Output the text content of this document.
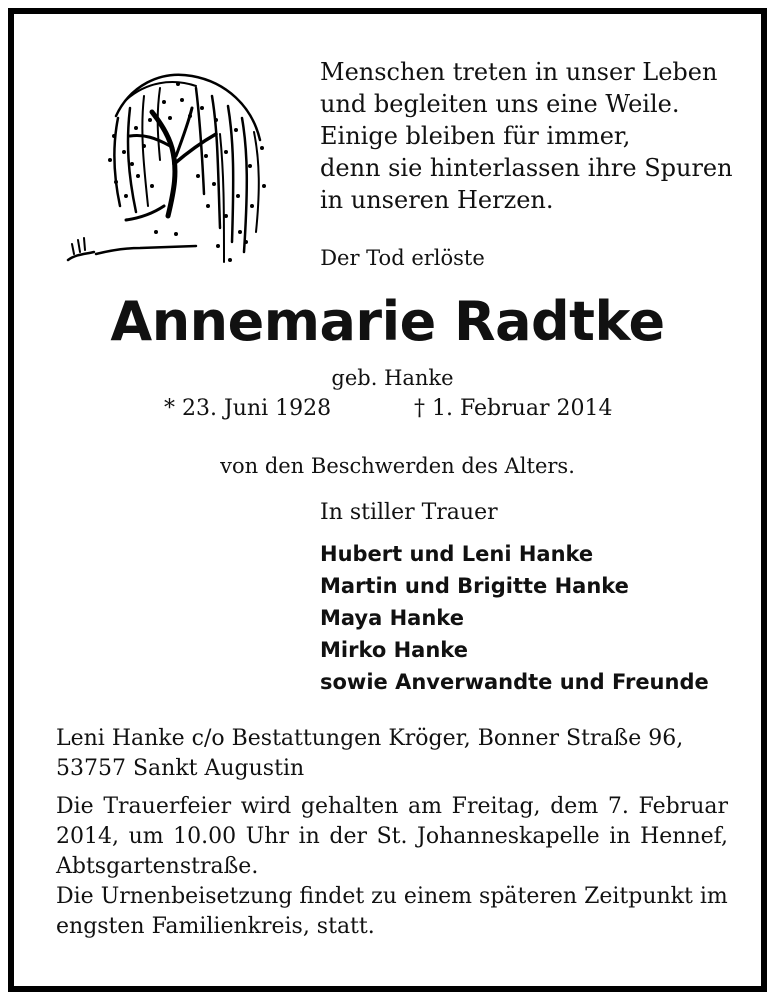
Menschen treten in unser Leben
und begleiten uns eine Weile.
Einige bleiben für immer,
denn sie hinterlassen ihre Spuren
in unseren Herzen.
Der Tod erlöste
Annemarie Radtke
geb. Hanke
* 23. Juni 1928	† 1. Februar 2014
von den Beschwerden des Alters.
In stiller Trauer
Hubert und Leni Hanke
Martin und Brigitte Hanke
Maya Hanke
Mirko Hanke
sowie Anverwandte und Freunde
Leni Hanke c/o Bestattungen Kröger, Bonner Straße 96,
53757 Sankt Augustin

Die Trauerfeier wird gehalten am Freitag, dem 7. Februar 2014, um 10.00 Uhr in der St. Johanneskapelle in Hennef, Abtsgartenstraße.

Die Urnenbeisetzung findet zu einem späteren Zeitpunkt im engsten Familienkreis, statt.
